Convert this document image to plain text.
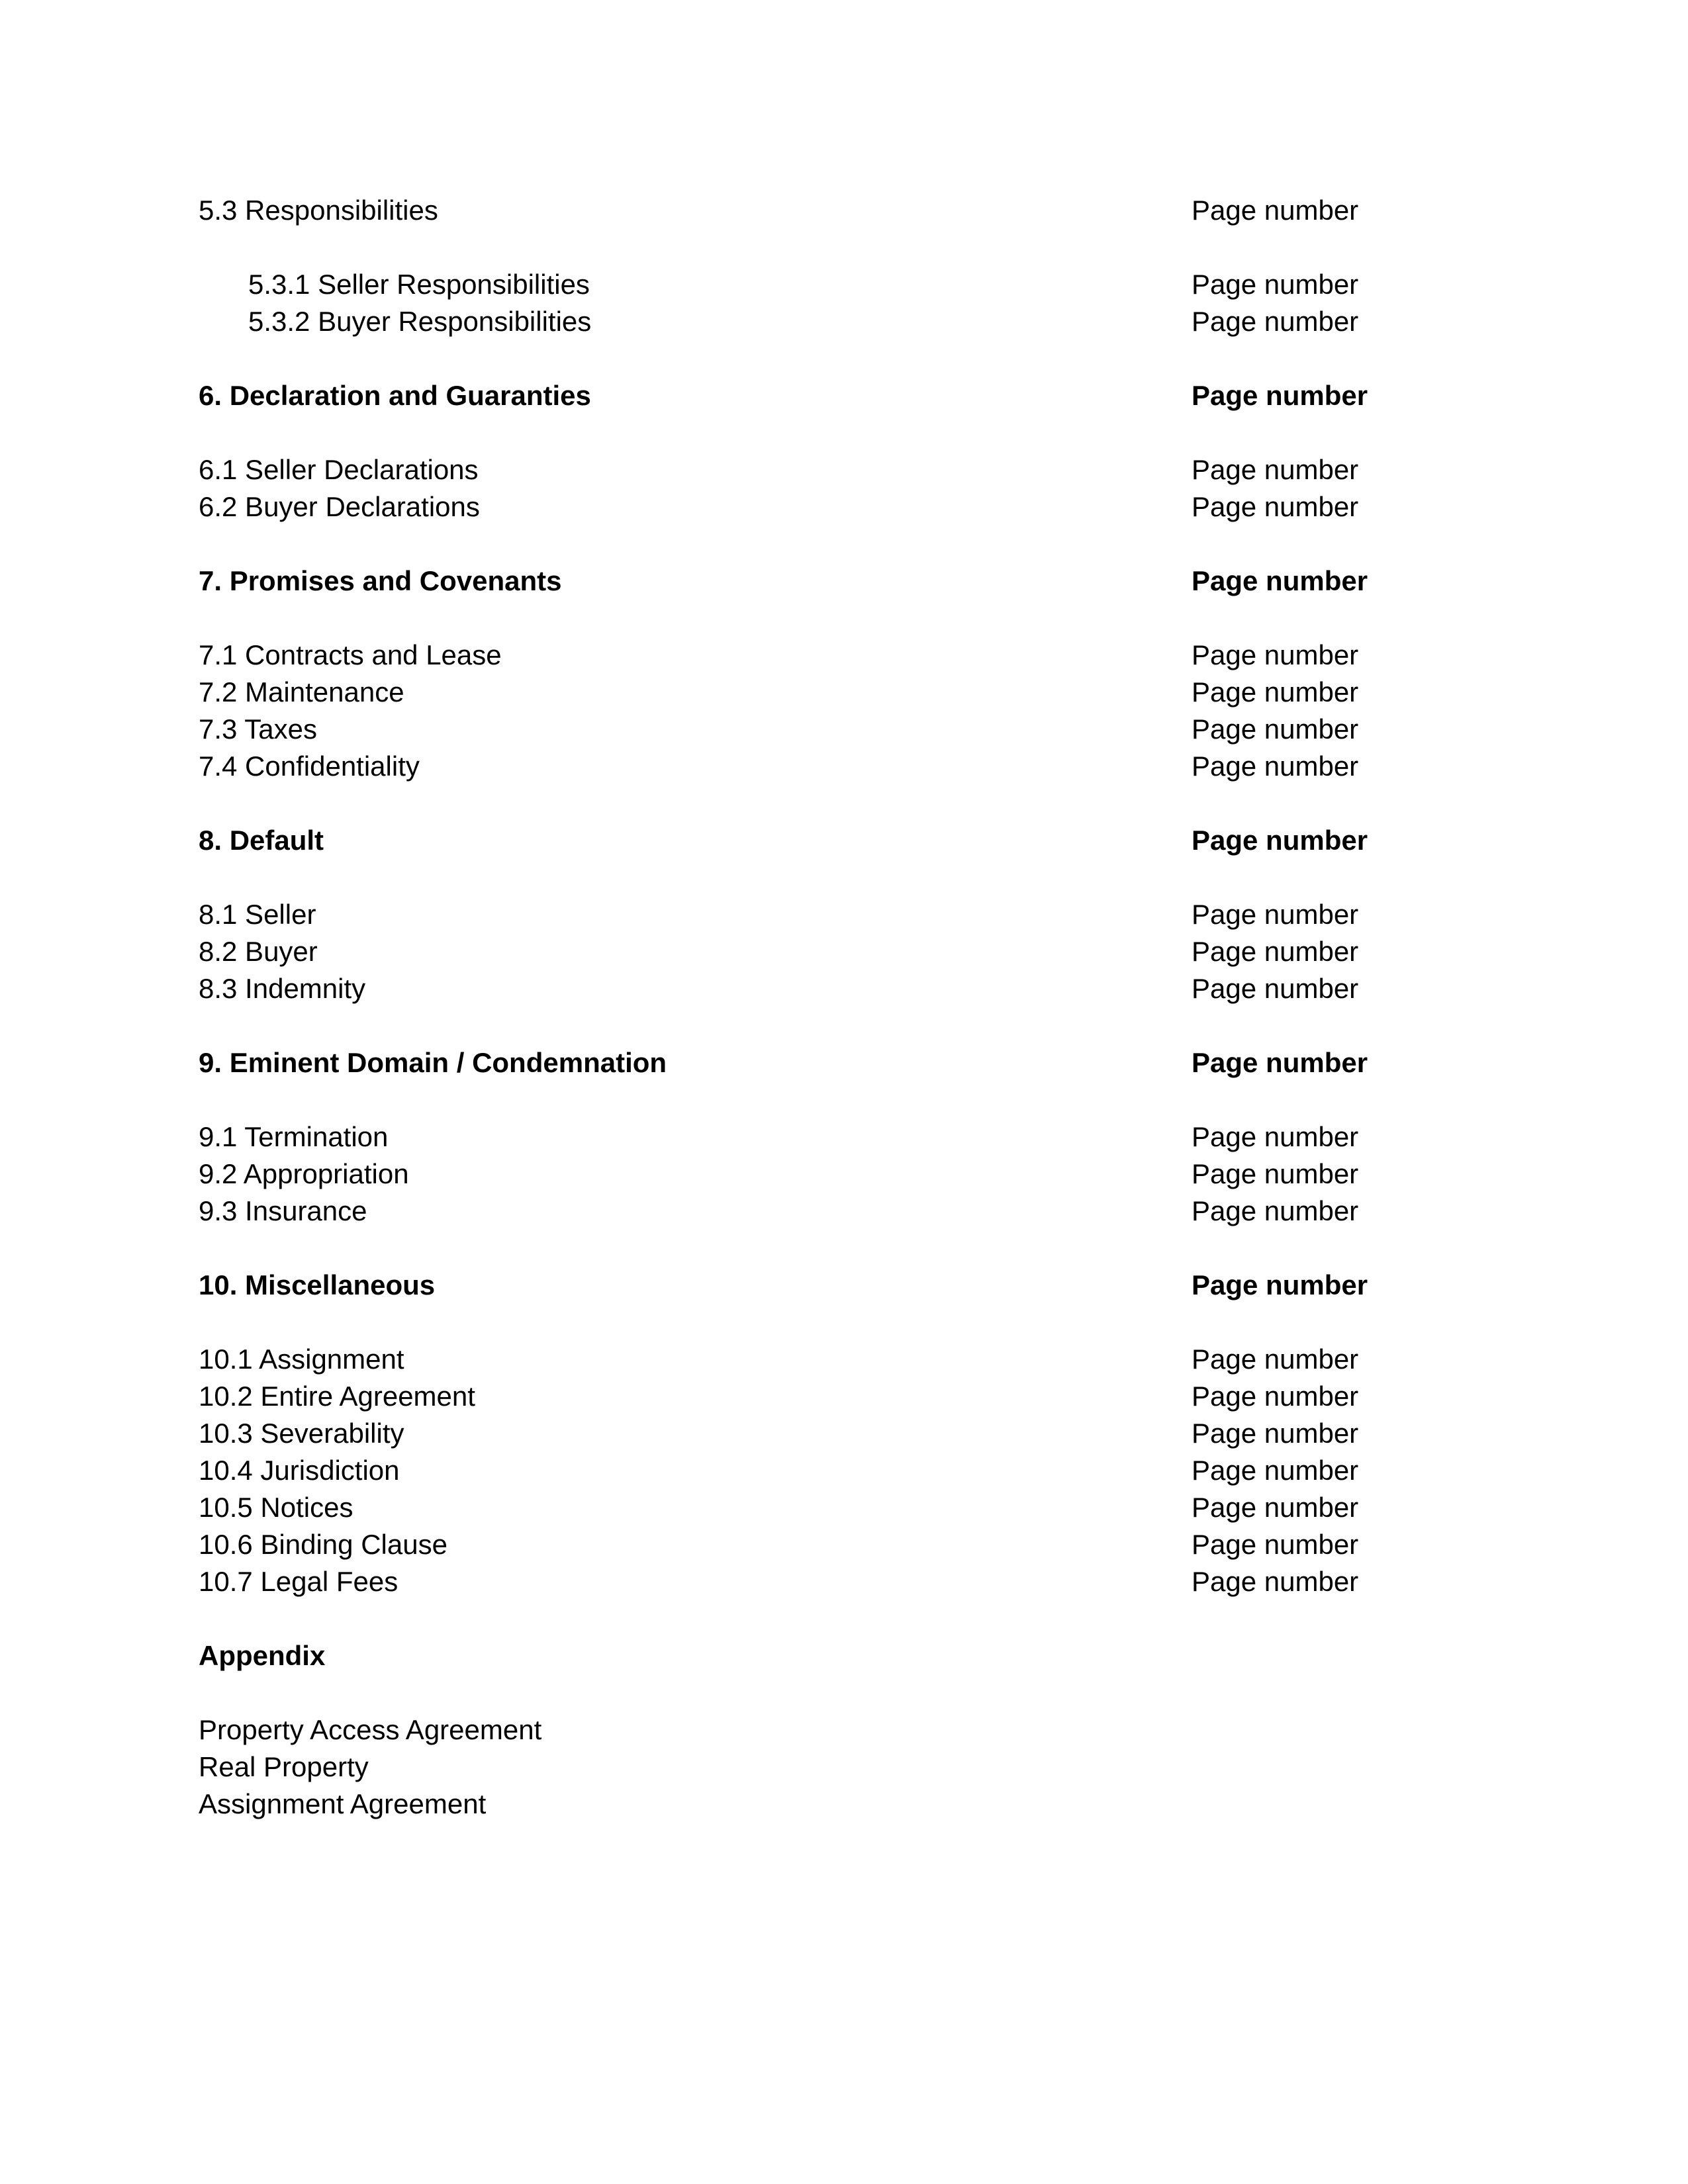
5.3 Responsibilities	Page number
5.3.1 Seller Responsibilities	Page number
5.3.2 Buyer Responsibilities	Page number
6. Declaration and Guaranties	Page number
6.1 Seller Declarations	Page number
6.2 Buyer Declarations	Page number
7. Promises and Covenants	Page number
7.1 Contracts and Lease	Page number
7.2 Maintenance	Page number
7.3 Taxes	Page number
7.4 Confidentiality	Page number
8. Default	Page number
8.1 Seller	Page number
8.2 Buyer	Page number
8.3 Indemnity	Page number
9. Eminent Domain / Condemnation	Page number
9.1 Termination	Page number
9.2 Appropriation	Page number
9.3 Insurance	Page number
10. Miscellaneous	Page number
10.1 Assignment	Page number
10.2 Entire Agreement	Page number
10.3 Severability	Page number
10.4 Jurisdiction	Page number
10.5 Notices	Page number
10.6 Binding Clause	Page number
10.7 Legal Fees	Page number
Appendix
Property Access Agreement
Real Property
Assignment Agreement
